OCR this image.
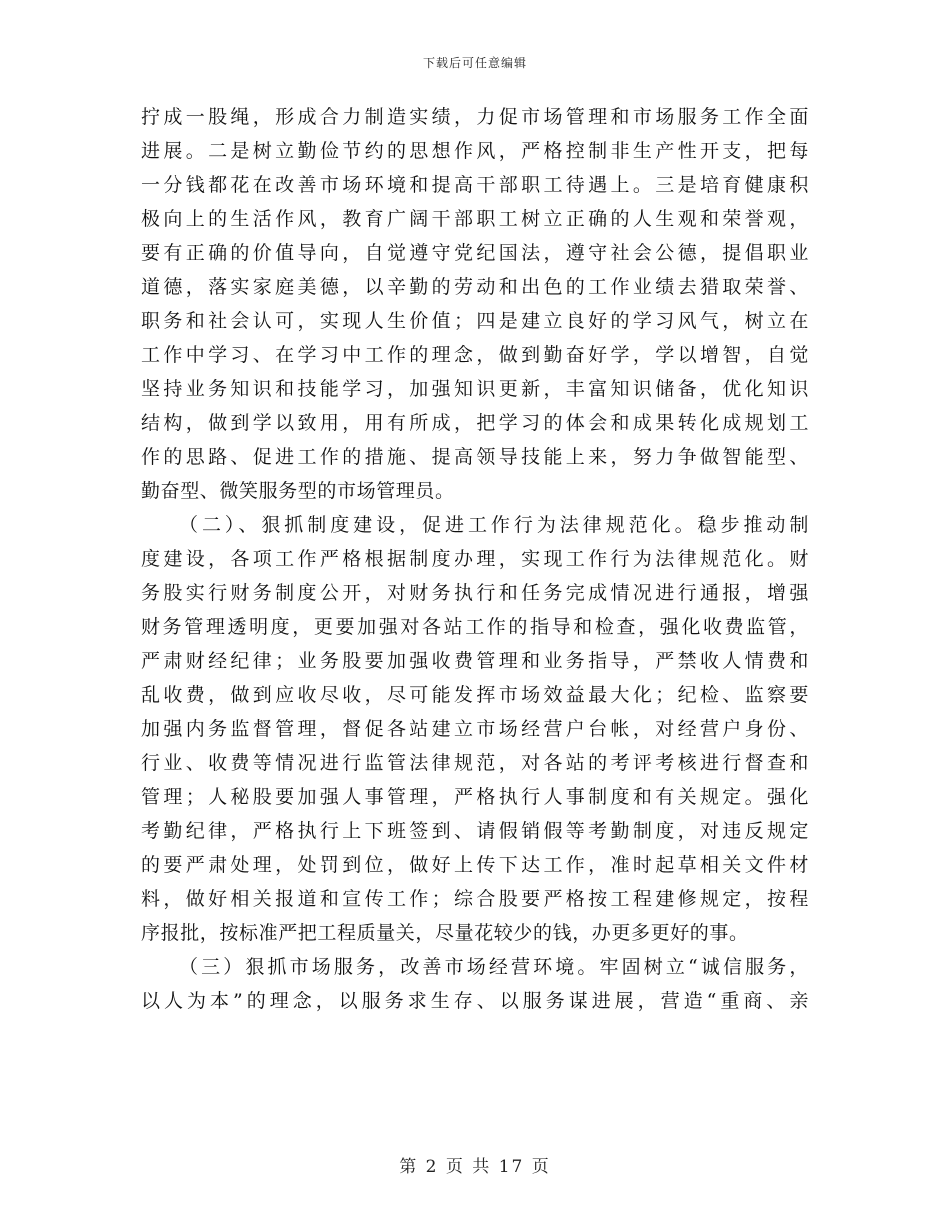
下载后可任意编辑
拧成一股绳，形成合力制造实绩，力促市场管理和市场服务工作全面
进展。二是树立勤俭节约的思想作风，严格控制非生产性开支，把每
一分钱都花在改善市场环境和提高干部职工待遇上。三是培育健康积
极向上的生活作风，教育广阔干部职工树立正确的人生观和荣誉观，
要有正确的价值导向，自觉遵守党纪国法，遵守社会公德，提倡职业
道德，落实家庭美德，以辛勤的劳动和出色的工作业绩去猎取荣誉、
职务和社会认可，实现人生价值；四是建立良好的学习风气，树立在
工作中学习、在学习中工作的理念，做到勤奋好学，学以增智，自觉
坚持业务知识和技能学习，加强知识更新，丰富知识储备，优化知识
结构，做到学以致用，用有所成，把学习的体会和成果转化成规划工
作的思路、促进工作的措施、提高领导技能上来，努力争做智能型、
勤奋型、微笑服务型的市场管理员。
（二）、狠抓制度建设，促进工作行为法律规范化。稳步推动制
度建设，各项工作严格根据制度办理，实现工作行为法律规范化。财
务股实行财务制度公开，对财务执行和任务完成情况进行通报，增强
财务管理透明度，更要加强对各站工作的指导和检查，强化收费监管，
严肃财经纪律；业务股要加强收费管理和业务指导，严禁收人情费和
乱收费，做到应收尽收，尽可能发挥市场效益最大化；纪检、监察要
加强内务监督管理，督促各站建立市场经营户台帐，对经营户身份、
行业、收费等情况进行监管法律规范，对各站的考评考核进行督查和
管理；人秘股要加强人事管理，严格执行人事制度和有关规定。强化
考勤纪律，严格执行上下班签到、请假销假等考勤制度，对违反规定
的要严肃处理，处罚到位，做好上传下达工作，准时起草相关文件材
料，做好相关报道和宣传工作；综合股要严格按工程建修规定，按程
序报批，按标准严把工程质量关，尽量花较少的钱，办更多更好的事。
（三）狠抓市场服务，改善市场经营环境。牢固树立“诚信服务，
以人为本”的理念，以服务求生存、以服务谋进展，营造“重商、亲
第 2 页 共 17 页
